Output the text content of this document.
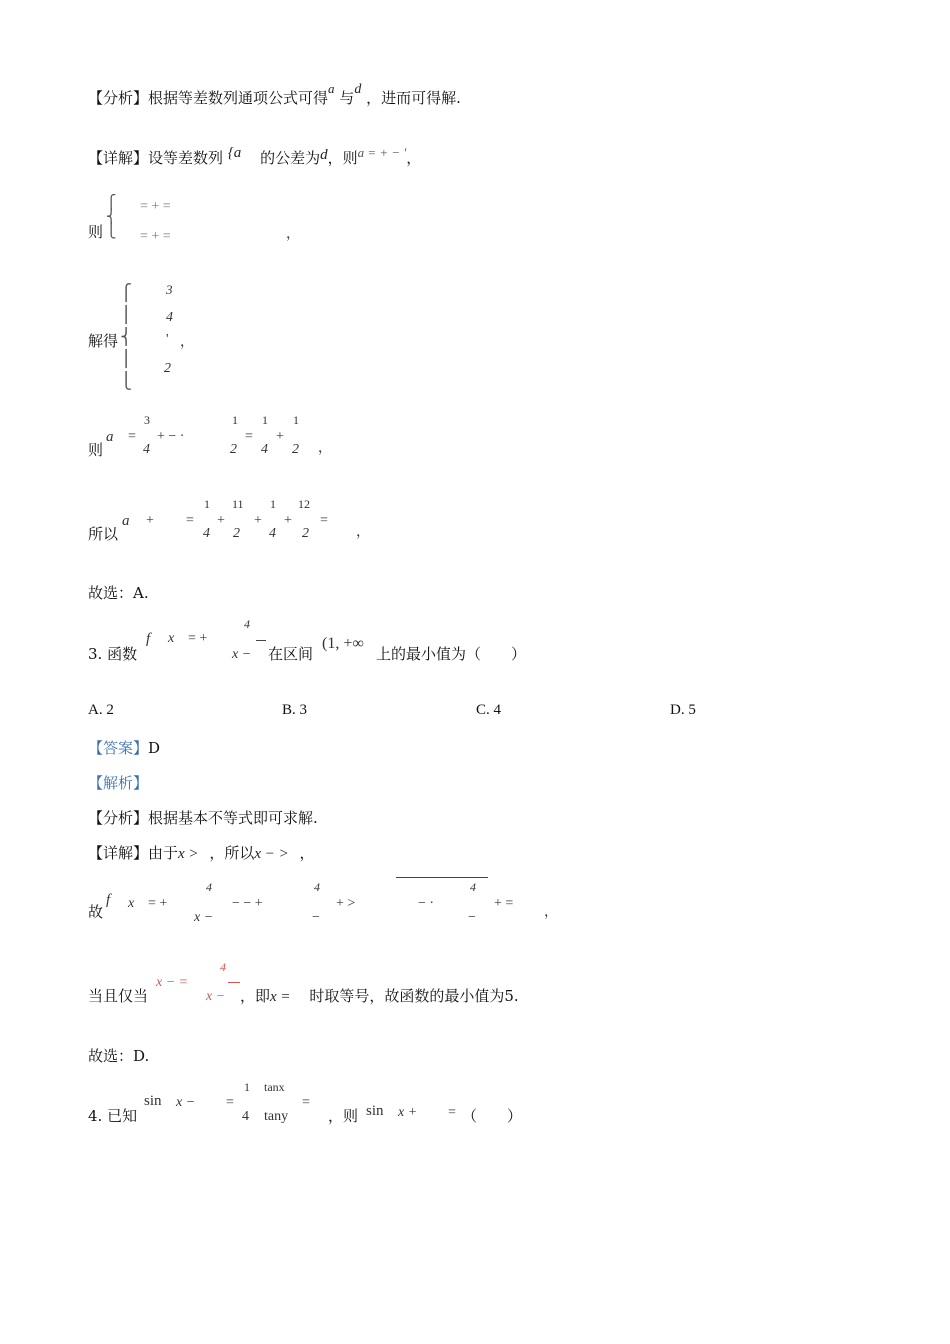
【分析】根据等差数列通项公式可得a 与d ，进而可得解.
【详解】设等差数列 {a 的公差为d，则a = + − '，
则
⎧
⎨
⎩
= + =
= + =	，
解得
⎧
⎪
⎨
⎪
⎩
3
4
' ，
2
则
a =
3
4
+ − ·
1
2
=
1
4
+
1
2 ，
所以
a + =
1
4
+
11
2
+
1
4
+
12
2
=
，
故选：A.
3. 函数
f x = +
4
x − 在区间
(1, +∞
上的最小值为（　　）
A. 2	B. 3	C. 4	D. 5
【答案】D
【解析】
【分析】根据基本不等式即可求解.
【详解】由于x > ，所以x − > ，
故
f x = +
4
x −
− − +
4
−
+ >	− ·
4
−
+ =
，
当且仅当
x − =
4
x − ，即x = 时取等号，故函数的最小值为5.
故选：D.
4. 已知
sin x − =
1
4
tanx
tany
=
，则 sin x + = （　　）
